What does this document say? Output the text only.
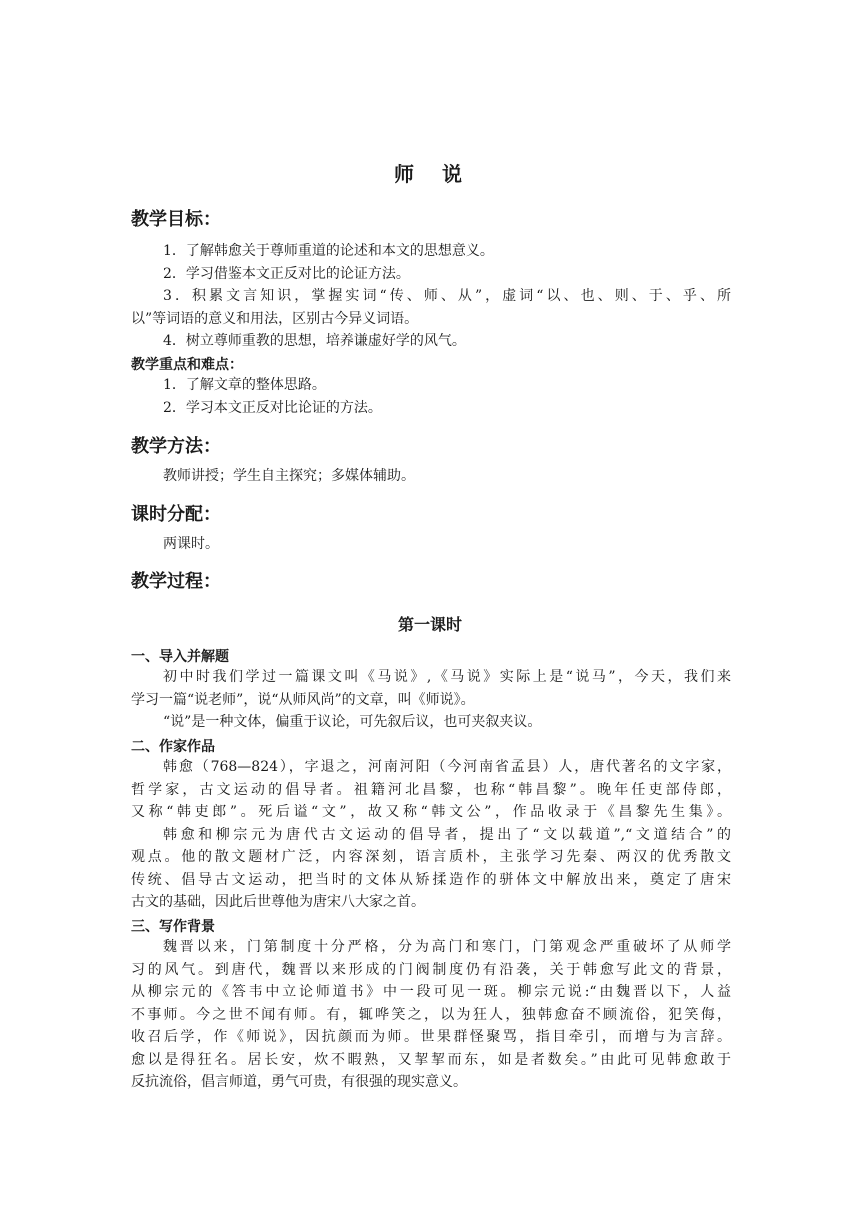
师　说
教学目标：
1．了解韩愈关于尊师重道的论述和本文的思想意义。
2．学习借鉴本文正反对比的论证方法。
3．积累文言知识，掌握实词“传、师、从”，虚词“以、也、则、于、乎、所
以”等词语的意义和用法，区别古今异义词语。
4．树立尊师重教的思想，培养谦虚好学的风气。
教学重点和难点：
1．了解文章的整体思路。
2．学习本文正反对比论证的方法。
教学方法：
教师讲授；学生自主探究；多媒体辅助。
课时分配：
两课时。
教学过程：
第一课时
一、导入并解题
初中时我们学过一篇课文叫《马说》,《马说》实际上是“说马”，今天，我们来
学习一篇“说老师”，说“从师风尚”的文章，叫《师说》。
“说”是一种文体，偏重于议论，可先叙后议，也可夹叙夹议。
二、作家作品
韩愈（768—824），字退之，河南河阳（今河南省孟县）人，唐代著名的文字家，
哲学家，古文运动的倡导者。祖籍河北昌黎，也称“韩昌黎”。晚年任吏部侍郎，
又称“韩吏郎”。死后谥“文”，故又称“韩文公”，作品收录于《昌黎先生集》。
韩愈和柳宗元为唐代古文运动的倡导者，提出了“文以载道”,“文道结合”的
观点。他的散文题材广泛，内容深刻，语言质朴，主张学习先秦、两汉的优秀散文
传统、倡导古文运动，把当时的文体从矫揉造作的骈体文中解放出来，奠定了唐宋
古文的基础，因此后世尊他为唐宋八大家之首。
三、写作背景
魏晋以来，门第制度十分严格，分为高门和寒门，门第观念严重破坏了从师学
习的风气。到唐代，魏晋以来形成的门阀制度仍有沿袭，关于韩愈写此文的背景，
从柳宗元的《答韦中立论师道书》中一段可见一斑。柳宗元说:“由魏晋以下，人益
不事师。今之世不闻有师。有，辄哗笑之，以为狂人，独韩愈奋不顾流俗，犯笑侮，
收召后学，作《师说》，因抗颜而为师。世果群怪聚骂，指目牵引，而增与为言辞。
愈以是得狂名。居长安，炊不暇熟，又挈挈而东，如是者数矣。”由此可见韩愈敢于
反抗流俗，倡言师道，勇气可贵，有很强的现实意义。
